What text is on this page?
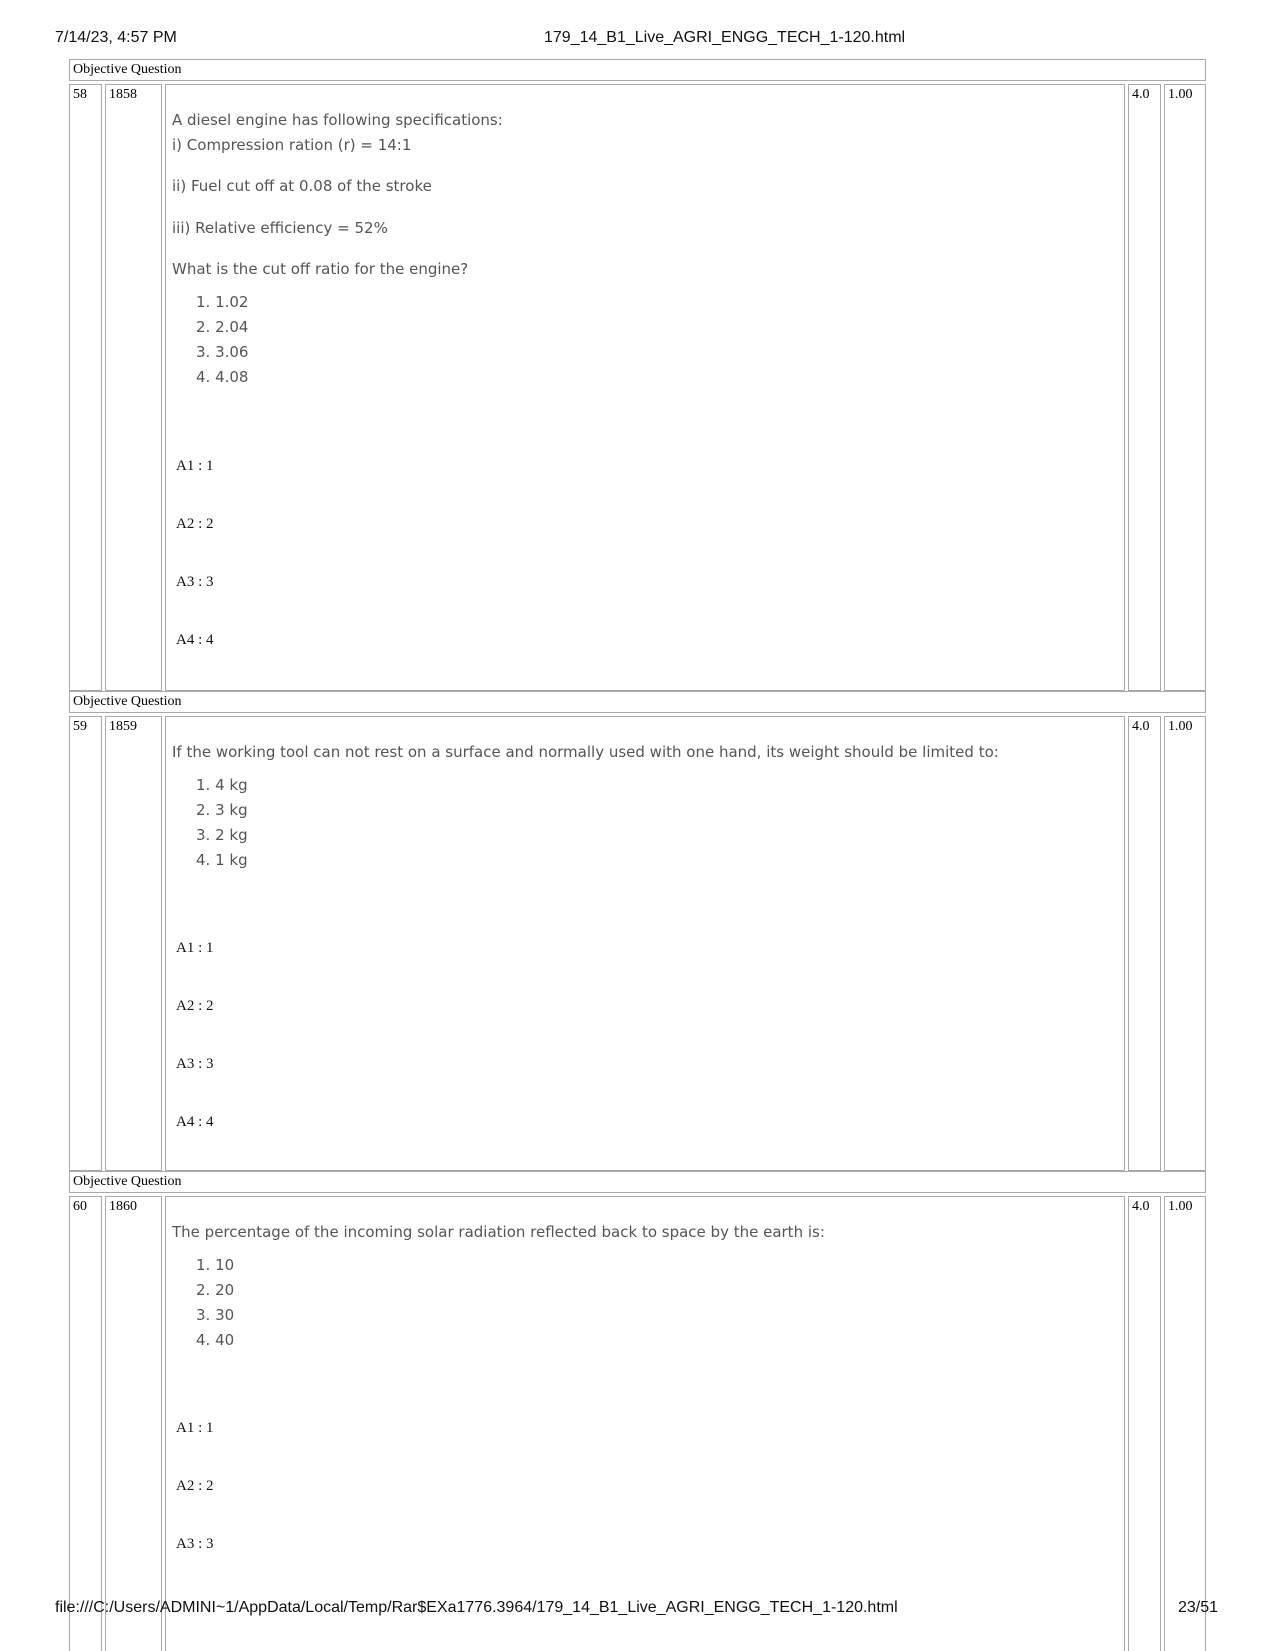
7/14/23, 4:57 PM	179_14_B1_Live_AGRI_ENGG_TECH_1-120.html
Objective Question
58	1858	4.0	1.00
A diesel engine has following specifications:
i) Compression ration (r) = 14:1
ii) Fuel cut off at 0.08 of the stroke
iii) Relative efficiency = 52%
What is the cut off ratio for the engine?
1. 1.02
2. 2.04
3. 3.06
4. 4.08
A1 : 1
A2 : 2
A3 : 3
A4 : 4
Objective Question
59	1859	4.0	1.00
If the working tool can not rest on a surface and normally used with one hand, its weight should be limited to:
1. 4 kg
2. 3 kg
3. 2 kg
4. 1 kg
A1 : 1
A2 : 2
A3 : 3
A4 : 4
Objective Question
60	1860	4.0	1.00
The percentage of the incoming solar radiation reflected back to space by the earth is:
1. 10
2. 20
3. 30
4. 40
A1 : 1
A2 : 2
A3 : 3
file:///C:/Users/ADMINI~1/AppData/Local/Temp/Rar$EXa1776.3964/179_14_B1_Live_AGRI_ENGG_TECH_1-120.html	23/51
